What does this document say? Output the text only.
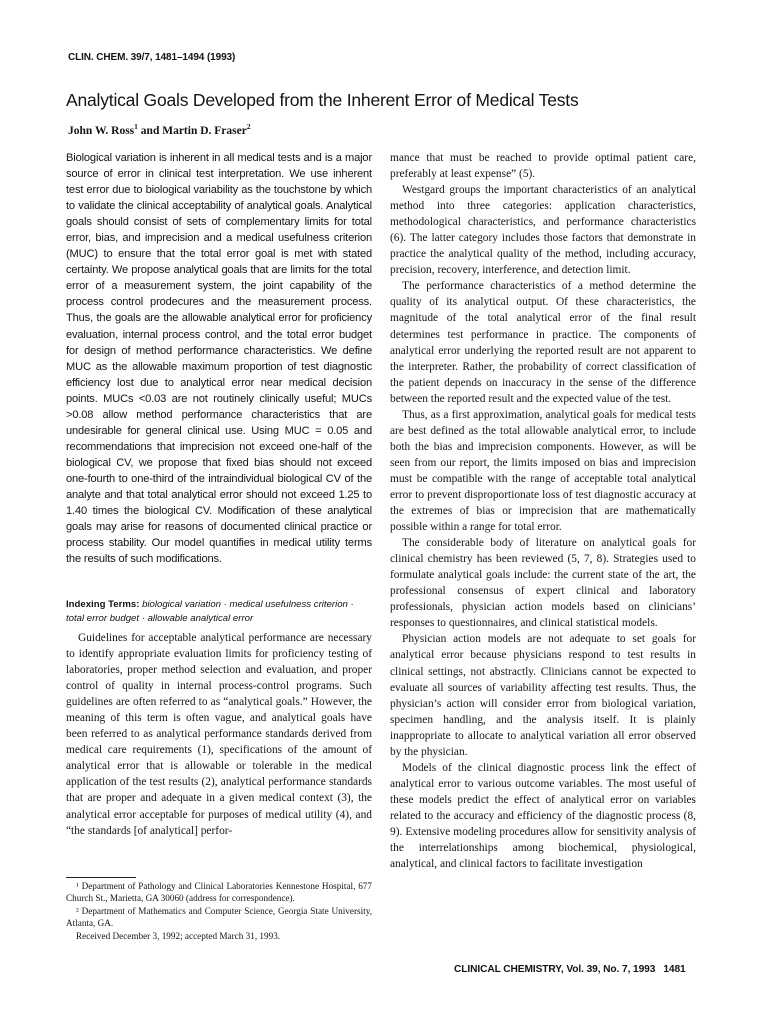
CLIN. CHEM. 39/7, 1481–1494 (1993)
Analytical Goals Developed from the Inherent Error of Medical Tests
John W. Ross$^1$ and Martin D. Fraser$^2$

Biological variation is inherent in all medical tests and is a major source of error in clinical test interpretation. We use inherent test error due to biological variability as the touchstone by which to validate the clinical acceptability of analytical goals. Analytical goals should consist of sets of complementary limits for total error, bias, and imprecision and a medical usefulness criterion (MUC) to ensure that the total error goal is met with stated certainty. We propose analytical goals that are limits for the total error of a measurement system, the joint capability of the process control prodecures and the measurement process. Thus, the goals are the allowable analytical error for proficiency evaluation, internal process control, and the total error budget for design of method performance characteristics. We define MUC as the allowable maximum proportion of test diagnostic efficiency lost due to analytical error near medical decision points. MUCs <0.03 are not routinely clinically useful; MUCs >0.08 allow method performance characteristics that are undesirable for general clinical use. Using MUC = 0.05 and recommendations that imprecision not exceed one-half of the biological CV, we propose that fixed bias should not exceed one-fourth to one-third of the intraindividual biological CV of the analyte and that total analytical error should not exceed 1.25 to 1.40 times the biological CV. Modification of these analytical goals may arise for reasons of documented clinical practice or process stability. Our model quantifies in medical utility terms the results of such modifications.

Indexing Terms: biological variation · medical usefulness criterion · total error budget · allowable analytical error

Guidelines for acceptable analytical performance are necessary to identify appropriate evaluation limits for proficiency testing of laboratories, proper method selection and evaluation, and proper control of quality in internal process-control programs. Such guidelines are often referred to as “analytical goals.” However, the meaning of this term is often vague, and analytical goals have been referred to as analytical performance standards derived from medical care requirements (1), specifications of the amount of analytical error that is allowable or tolerable in the medical application of the test results (2), analytical performance standards that are proper and adequate in a given medical context (3), the analytical error acceptable for purposes of medical utility (4), and “the standards [of analytical] perfor-

¹ Department of Pathology and Clinical Laboratories Kennestone Hospital, 677 Church St., Marietta, GA 30060 (address for correspondence).

² Department of Mathematics and Computer Science, Georgia State University, Atlanta, GA.

Received December 3, 1992; accepted March 31, 1993.

mance that must be reached to provide optimal patient care, preferably at least expense” (5).

Westgard groups the important characteristics of an analytical method into three categories: application characteristics, methodological characteristics, and performance characteristics (6). The latter category includes those factors that demonstrate in practice the analytical quality of the method, including accuracy, precision, recovery, interference, and detection limit.

The performance characteristics of a method determine the quality of its analytical output. Of these characteristics, the magnitude of the total analytical error of the final result determines test performance in practice. The components of analytical error underlying the reported result are not apparent to the interpreter. Rather, the probability of correct classification of the patient depends on inaccuracy in the sense of the difference between the reported result and the expected value of the test.

Thus, as a first approximation, analytical goals for medical tests are best defined as the total allowable analytical error, to include both the bias and imprecision components. However, as will be seen from our report, the limits imposed on bias and imprecision must be compatible with the range of acceptable total analytical error to prevent disproportionate loss of test diagnostic accuracy at the extremes of bias or imprecision that are mathematically possible within a range for total error.

The considerable body of literature on analytical goals for clinical chemistry has been reviewed (5, 7, 8). Strategies used to formulate analytical goals include: the current state of the art, the professional consensus of expert clinical and laboratory professionals, physician action models based on clinicians’ responses to questionnaires, and clinical statistical models.

Physician action models are not adequate to set goals for analytical error because physicians respond to test results in clinical settings, not abstractly. Clinicians cannot be expected to evaluate all sources of variability affecting test results. Thus, the physician’s action will consider error from biological variation, specimen handling, and the analysis itself. It is plainly inappropriate to allocate to analytical variation all error observed by the physician.

Models of the clinical diagnostic process link the effect of analytical error to various outcome variables. The most useful of these models predict the effect of analytical error on variables related to the accuracy and efficiency of the diagnostic process (8, 9). Extensive modeling procedures allow for sensitivity analysis of the interrelationships among biochemical, physiological, analytical, and clinical factors to facilitate investigation

CLINICAL CHEMISTRY, Vol. 39, No. 7, 1993 1481
